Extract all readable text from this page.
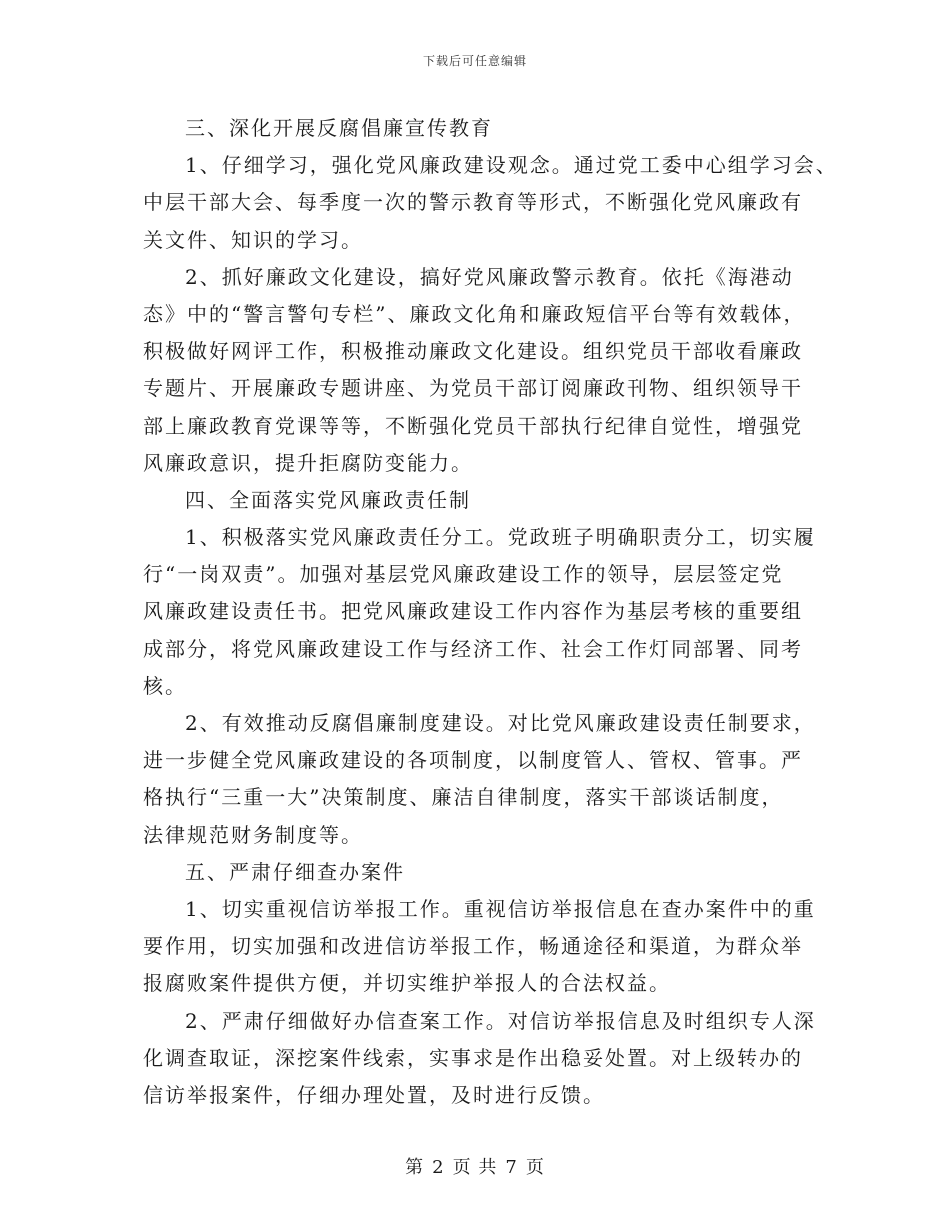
下载后可任意编辑
三、深化开展反腐倡廉宣传教育
1、仔细学习，强化党风廉政建设观念。通过党工委中心组学习会、
中层干部大会、每季度一次的警示教育等形式，不断强化党风廉政有
关文件、知识的学习。
2、抓好廉政文化建设，搞好党风廉政警示教育。依托《海港动
态》中的“警言警句专栏”、廉政文化角和廉政短信平台等有效载体，
积极做好网评工作，积极推动廉政文化建设。组织党员干部收看廉政
专题片、开展廉政专题讲座、为党员干部订阅廉政刊物、组织领导干
部上廉政教育党课等等，不断强化党员干部执行纪律自觉性，增强党
风廉政意识，提升拒腐防变能力。
四、全面落实党风廉政责任制
1、积极落实党风廉政责任分工。党政班子明确职责分工，切实履
行“一岗双责”。加强对基层党风廉政建设工作的领导，层层签定党
风廉政建设责任书。把党风廉政建设工作内容作为基层考核的重要组
成部分，将党风廉政建设工作与经济工作、社会工作灯同部署、同考
核。
2、有效推动反腐倡廉制度建设。对比党风廉政建设责任制要求，
进一步健全党风廉政建设的各项制度，以制度管人、管权、管事。严
格执行“三重一大”决策制度、廉洁自律制度，落实干部谈话制度，
法律规范财务制度等。
五、严肃仔细查办案件
1、切实重视信访举报工作。重视信访举报信息在查办案件中的重
要作用，切实加强和改进信访举报工作，畅通途径和渠道，为群众举
报腐败案件提供方便，并切实维护举报人的合法权益。
2、严肃仔细做好办信查案工作。对信访举报信息及时组织专人深
化调查取证，深挖案件线索，实事求是作出稳妥处置。对上级转办的
信访举报案件，仔细办理处置，及时进行反馈。
第 2 页 共 7 页
